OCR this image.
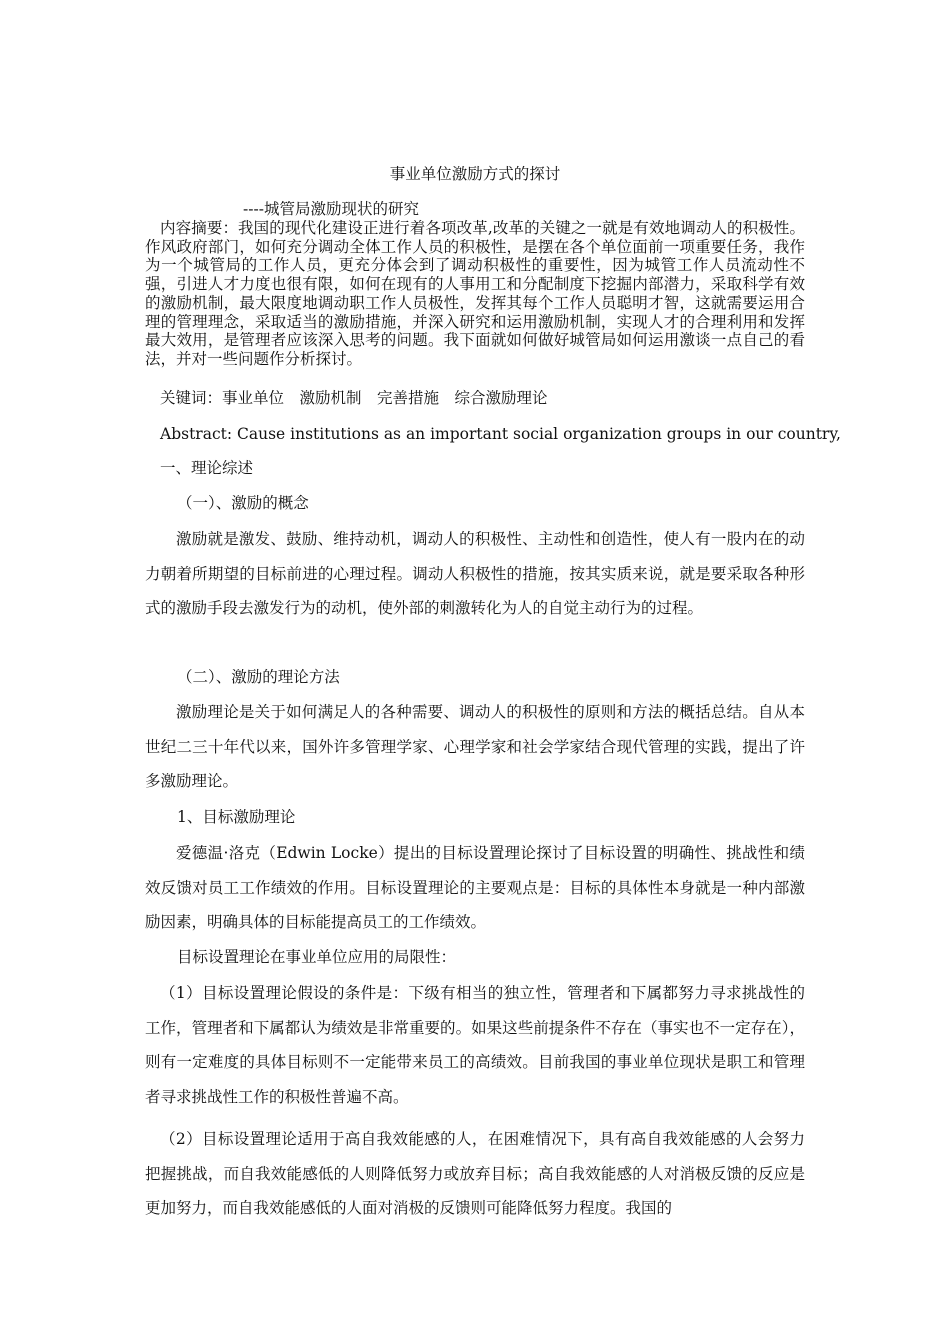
事业单位激励方式的探讨
----城管局激励现状的研究
内容摘要：我国的现代化建设正进行着各项改革,改革的关键之一就是有效地调动人的积极性。作风政府部门，如何充分调动全体工作人员的积极性，是摆在各个单位面前一项重要任务，我作为一个城管局的工作人员，更充分体会到了调动积极性的重要性，因为城管工作人员流动性不强，引进人才力度也很有限，如何在现有的人事用工和分配制度下挖掘内部潜力，采取科学有效的激励机制，最大限度地调动职工作人员极性，发挥其每个工作人员聪明才智，这就需要运用合理的管理理念，采取适当的激励措施，并深入研究和运用激励机制，实现人才的合理利用和发挥最大效用，是管理者应该深入思考的问题。我下面就如何做好城管局如何运用激谈一点自己的看法，并对一些问题作分析探讨。
关键词：事业单位　激励机制　完善措施　综合激励理论
Abstract: Cause institutions as an important social organization groups in our country,
一、理论综述
（一）、激励的概念
激励就是激发、鼓励、维持动机，调动人的积极性、主动性和创造性，使人有一股内在的动力朝着所期望的目标前进的心理过程。调动人积极性的措施，按其实质来说，就是要采取各种形式的激励手段去激发行为的动机，使外部的刺激转化为人的自觉主动行为的过程。
（二）、激励的理论方法
激励理论是关于如何满足人的各种需要、调动人的积极性的原则和方法的概括总结。自从本世纪二三十年代以来，国外许多管理学家、心理学家和社会学家结合现代管理的实践，提出了许多激励理论。
1、目标激励理论
爱德温·洛克（Edwin Locke）提出的目标设置理论探讨了目标设置的明确性、挑战性和绩效反馈对员工工作绩效的作用。目标设置理论的主要观点是：目标的具体性本身就是一种内部激励因素，明确具体的目标能提高员工的工作绩效。
目标设置理论在事业单位应用的局限性：
（1）目标设置理论假设的条件是：下级有相当的独立性，管理者和下属都努力寻求挑战性的工作，管理者和下属都认为绩效是非常重要的。如果这些前提条件不存在（事实也不一定存在），则有一定难度的具体目标则不一定能带来员工的高绩效。目前我国的事业单位现状是职工和管理者寻求挑战性工作的积极性普遍不高。
（2）目标设置理论适用于高自我效能感的人，在困难情况下，具有高自我效能感的人会努力把握挑战，而自我效能感低的人则降低努力或放弃目标；高自我效能感的人对消极反馈的反应是更加努力，而自我效能感低的人面对消极的反馈则可能降低努力程度。我国的
